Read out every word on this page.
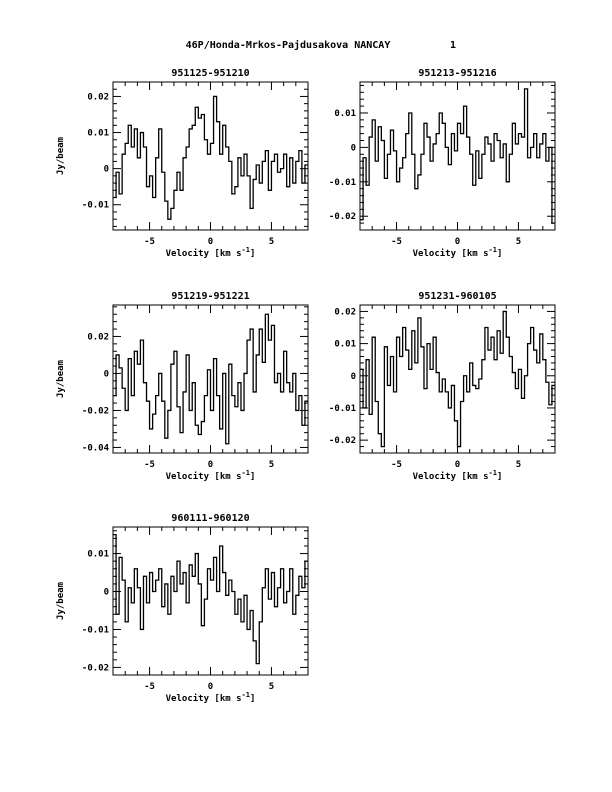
46P/Honda-Mrkos-Pajdusakova NANCAY	1
951125-951210
-5	0	5
-0.01
0
0.01
0.02
Velocity [km $s^{-1}$]
Jy/beam
951213-951216
-5	0	5
-0.02
-0.01
0
0.01
Velocity [km $s^{-1}$]
951219-951221
-5	0	5
-0.04
-0.02
0
0.02
Velocity [km $s^{-1}$]
Jy/beam
951231-960105
-5	0	5
-0.02
-0.01
0
0.01
0.02
Velocity [km $s^{-1}$]
960111-960120
-5	0	5
-0.02
-0.01
0
0.01
Velocity [km $s^{-1}$]
Jy/beam
